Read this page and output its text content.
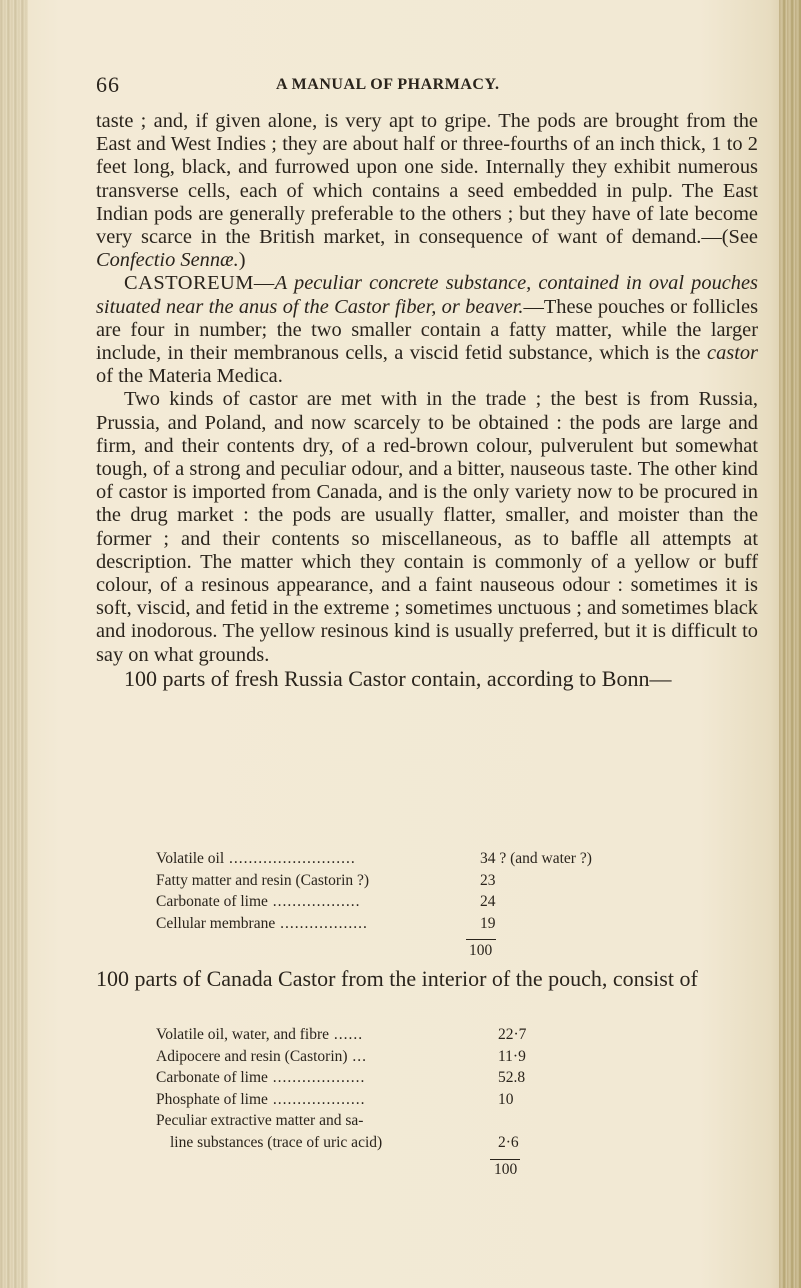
66	A MANUAL OF PHARMACY.

taste ; and, if given alone, is very apt to gripe. The pods are brought from the East and West Indies ; they are about half or three-fourths of an inch thick, 1 to 2 feet long, black, and furrowed upon one side. Internally they exhibit numerous transverse cells, each of which contains a seed embedded in pulp. The East Indian pods are generally preferable to the others ; but they have of late become very scarce in the British market, in consequence of want of demand.—(See Confectio Sennæ.)

CASTOREUM—A peculiar concrete substance, contained in oval pouches situated near the anus of the Castor fiber, or beaver.—These pouches or follicles are four in number; the two smaller contain a fatty matter, while the larger include, in their membranous cells, a viscid fetid substance, which is the castor of the Materia Medica.

Two kinds of castor are met with in the trade ; the best is from Russia, Prussia, and Poland, and now scarcely to be obtained : the pods are large and firm, and their contents dry, of a red-brown colour, pulverulent but somewhat tough, of a strong and peculiar odour, and a bitter, nauseous taste. The other kind of castor is imported from Canada, and is the only variety now to be procured in the drug market : the pods are usually flatter, smaller, and moister than the former ; and their contents so miscellaneous, as to baffle all attempts at description. The matter which they contain is commonly of a yellow or buff colour, of a resinous appearance, and a faint nauseous odour : sometimes it is soft, viscid, and fetid in the extreme ; sometimes unctuous ; and sometimes black and inodorous. The yellow resinous kind is usually preferred, but it is difficult to say on what grounds.

100 parts of fresh Russia Castor contain, according to Bonn—

Volatile oil ..........................	34 ? (and water ?)
Fatty matter and resin (Castorin ?)	23
Carbonate of lime ..................	24
Cellular membrane ..................	19
100
100 parts of Canada Castor from the interior of the pouch, consist of
Volatile oil, water, and fibre ......	22·7
Adipocere and resin (Castorin) ...	11·9
Carbonate of lime ...................	52.8
Phosphate of lime ...................	10
Peculiar extractive matter and sa-
line substances (trace of uric acid)	2·6
100
